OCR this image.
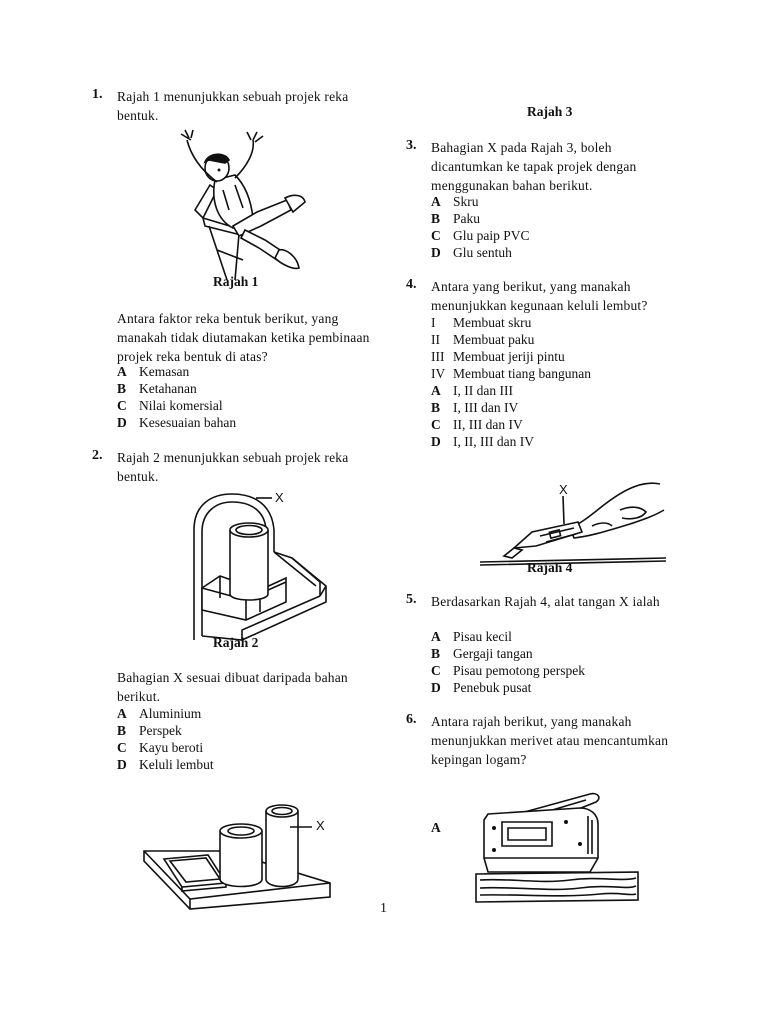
1. Rajah 1 menunjukkan sebuah projek reka bentuk.
Rajah 1
Antara faktor reka bentuk berikut, yang manakah tidak diutamakan ketika pembinaan projek reka bentuk di atas?
A Kemasan
B Ketahanan
C Nilai komersial
D Kesesuaian bahan
2. Rajah 2 menunjukkan sebuah projek reka bentuk.
X
Rajah 2
Bahagian X sesuai dibuat daripada bahan berikut.
A Aluminium
B Perspek
C Kayu beroti
D Keluli lembut
X
Rajah 3
3. Bahagian X pada Rajah 3, boleh dicantumkan ke tapak projek dengan menggunakan bahan berikut.
A Skru
B Paku
C Glu paip PVC
D Glu sentuh
4. Antara yang berikut, yang manakah menunjukkan kegunaan keluli lembut?
I Membuat skru
II Membuat paku
III Membuat jeriji pintu
IV Membuat tiang bangunan
A I, II dan III
B I, III dan IV
C II, III dan IV
D I, II, III dan IV
X
Rajah 4
5. Berdasarkan Rajah 4, alat tangan X ialah
A Pisau kecil
B Gergaji tangan
C Pisau pemotong perspek
D Penebuk pusat
6. Antara rajah berikut, yang manakah menunjukkan merivet atau mencantumkan kepingan logam?
A
1
